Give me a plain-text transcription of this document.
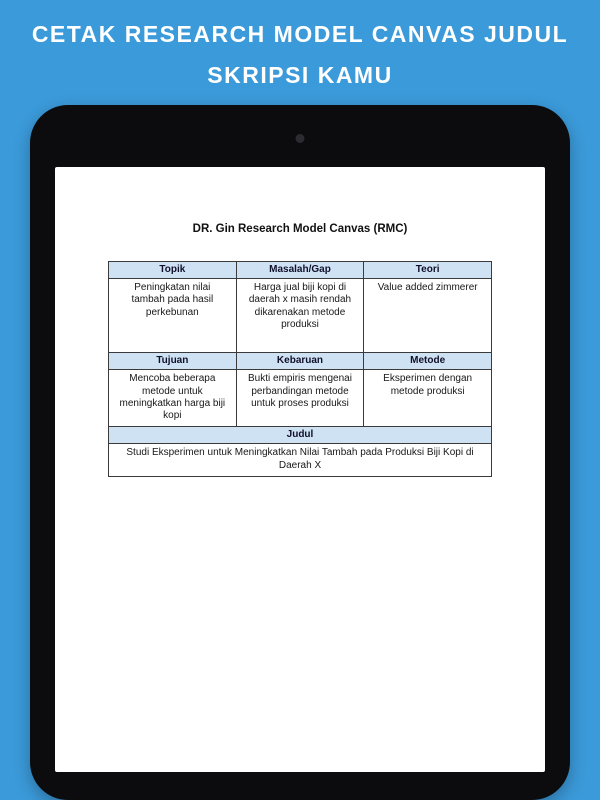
CETAK RESEARCH MODEL CANVAS JUDUL
SKRIPSI KAMU
DR. Gin Research Model Canvas (RMC)
Topik	Masalah/Gap	Teori
Peningkatan nilai tambah pada hasil perkebunan	Harga jual biji kopi di daerah x masih rendah dikarenakan metode produksi	Value added zimmerer
Tujuan	Kebaruan	Metode
Mencoba beberapa metode untuk meningkatkan harga biji kopi	Bukti empiris mengenai perbandingan metode untuk proses produksi	Eksperimen dengan metode produksi
Judul		
Studi Eksperimen untuk Meningkatkan Nilai Tambah pada Produksi Biji Kopi di Daerah X		
